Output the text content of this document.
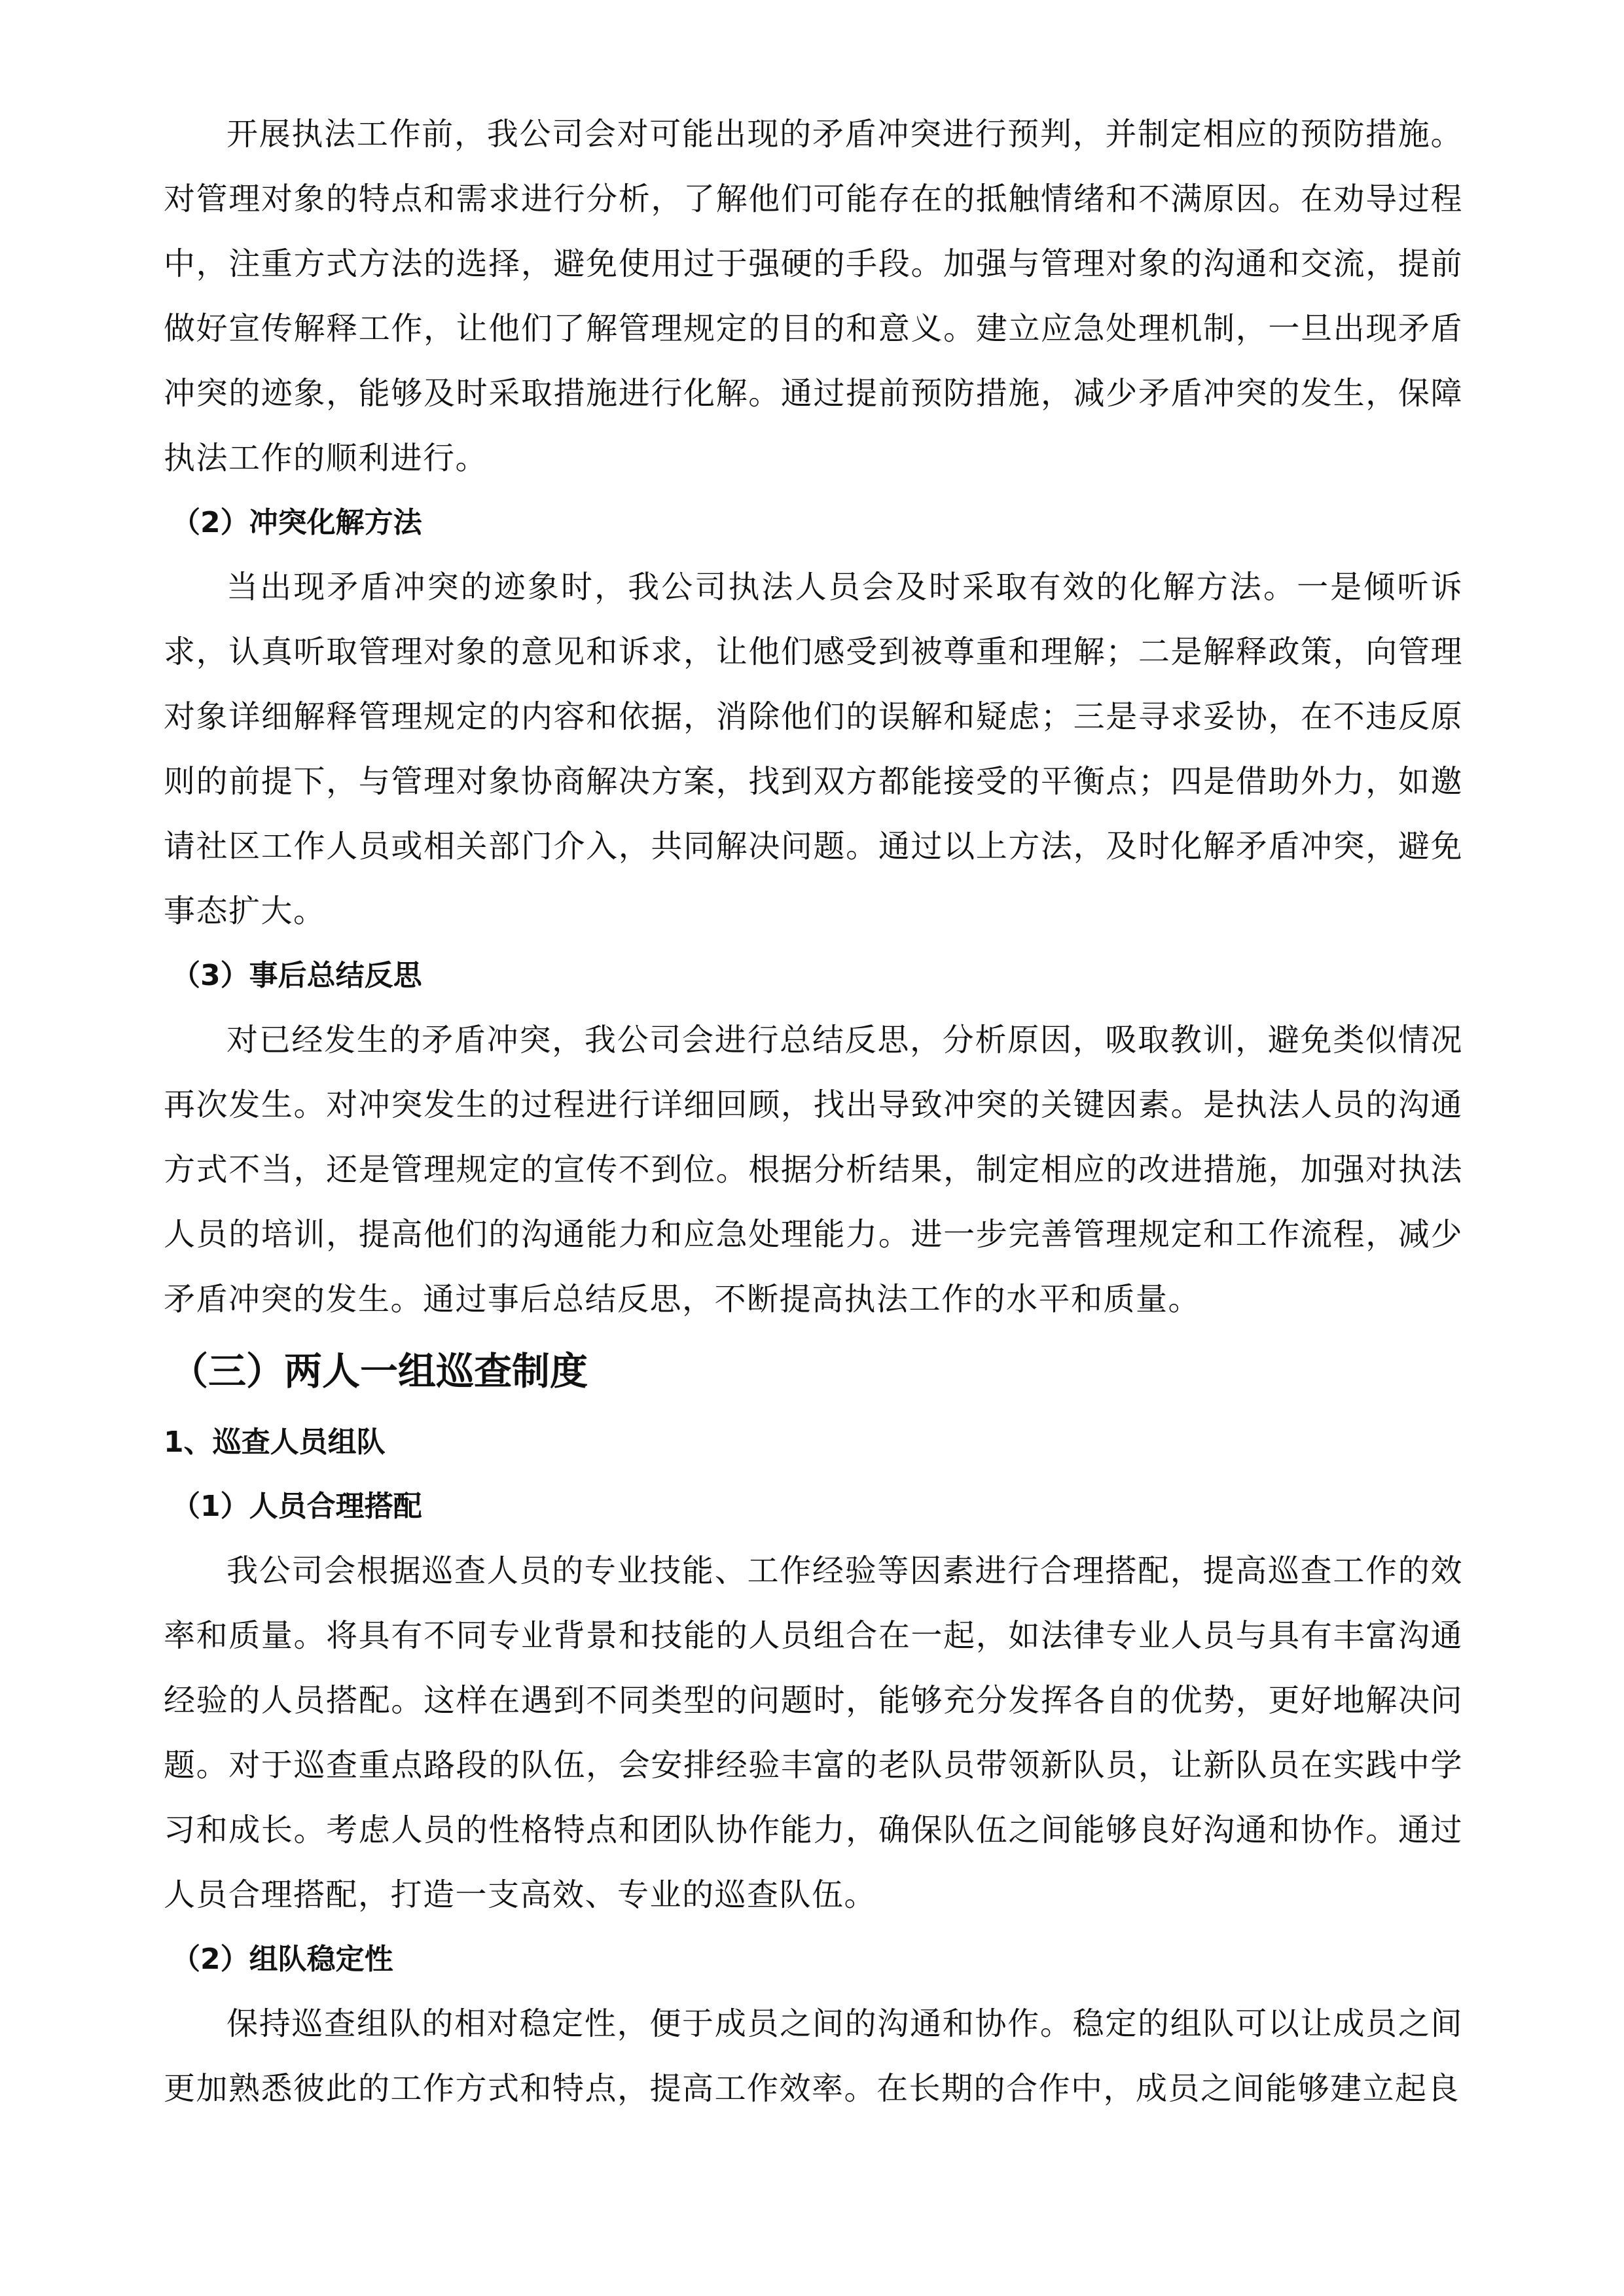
开展执法工作前，我公司会对可能出现的矛盾冲突进行预判，并制定相应的预防措施。对管理对象的特点和需求进行分析，了解他们可能存在的抵触情绪和不满原因。在劝导过程中，注重方式方法的选择，避免使用过于强硬的手段。加强与管理对象的沟通和交流，提前做好宣传解释工作，让他们了解管理规定的目的和意义。建立应急处理机制，一旦出现矛盾冲突的迹象，能够及时采取措施进行化解。通过提前预防措施，减少矛盾冲突的发生，保障执法工作的顺利进行。

（2）冲突化解方法

当出现矛盾冲突的迹象时，我公司执法人员会及时采取有效的化解方法。一是倾听诉求，认真听取管理对象的意见和诉求，让他们感受到被尊重和理解；二是解释政策，向管理对象详细解释管理规定的内容和依据，消除他们的误解和疑虑；三是寻求妥协，在不违反原则的前提下，与管理对象协商解决方案，找到双方都能接受的平衡点；四是借助外力，如邀请社区工作人员或相关部门介入，共同解决问题。通过以上方法，及时化解矛盾冲突，避免事态扩大。

（3）事后总结反思

对已经发生的矛盾冲突，我公司会进行总结反思，分析原因，吸取教训，避免类似情况再次发生。对冲突发生的过程进行详细回顾，找出导致冲突的关键因素。是执法人员的沟通方式不当，还是管理规定的宣传不到位。根据分析结果，制定相应的改进措施，加强对执法人员的培训，提高他们的沟通能力和应急处理能力。进一步完善管理规定和工作流程，减少矛盾冲突的发生。通过事后总结反思，不断提高执法工作的水平和质量。

（三）两人一组巡查制度

1、巡查人员组队

（1）人员合理搭配

我公司会根据巡查人员的专业技能、工作经验等因素进行合理搭配，提高巡查工作的效率和质量。将具有不同专业背景和技能的人员组合在一起，如法律专业人员与具有丰富沟通经验的人员搭配。这样在遇到不同类型的问题时，能够充分发挥各自的优势，更好地解决问题。对于巡查重点路段的队伍，会安排经验丰富的老队员带领新队员，让新队员在实践中学习和成长。考虑人员的性格特点和团队协作能力，确保队伍之间能够良好沟通和协作。通过人员合理搭配，打造一支高效、专业的巡查队伍。

（2）组队稳定性

保持巡查组队的相对稳定性，便于成员之间的沟通和协作。稳定的组队可以让成员之间更加熟悉彼此的工作方式和特点，提高工作效率。在长期的合作中，成员之间能够建立起良
